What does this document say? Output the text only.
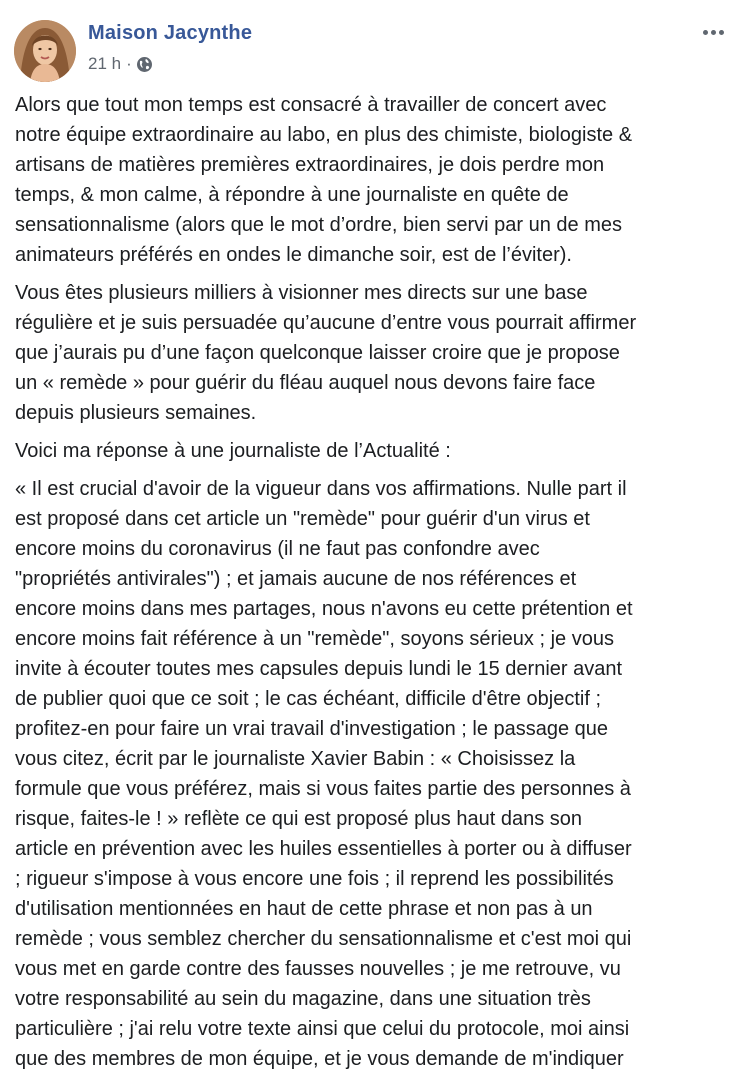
Maison Jacynthe
21 h ·

Alors que tout mon temps est consacré à travailler de concert avec
notre équipe extraordinaire au labo, en plus des chimiste, biologiste &
artisans de matières premières extraordinaires, je dois perdre mon
temps, & mon calme, à répondre à une journaliste en quête de
sensationnalisme (alors que le mot d’ordre, bien servi par un de mes
animateurs préférés en ondes le dimanche soir, est de l’éviter).

Vous êtes plusieurs milliers à visionner mes directs sur une base
régulière et je suis persuadée qu’aucune d’entre vous pourrait affirmer
que j’aurais pu d’une façon quelconque laisser croire que je propose
un « remède » pour guérir du fléau auquel nous devons faire face
depuis plusieurs semaines.

Voici ma réponse à une journaliste de l’Actualité :

« Il est crucial d'avoir de la vigueur dans vos affirmations. Nulle part il
est proposé dans cet article un "remède" pour guérir d'un virus et
encore moins du coronavirus (il ne faut pas confondre avec
"propriétés antivirales") ; et jamais aucune de nos références et
encore moins dans mes partages, nous n'avons eu cette prétention et
encore moins fait référence à un "remède", soyons sérieux ; je vous
invite à écouter toutes mes capsules depuis lundi le 15 dernier avant
de publier quoi que ce soit ; le cas échéant, difficile d'être objectif ;
profitez-en pour faire un vrai travail d'investigation ; le passage que
vous citez, écrit par le journaliste Xavier Babin : « Choisissez la
formule que vous préférez, mais si vous faites partie des personnes à
risque, faites-le ! » reflète ce qui est proposé plus haut dans son
article en prévention avec les huiles essentielles à porter ou à diffuser
; rigueur s'impose à vous encore une fois ; il reprend les possibilités
d'utilisation mentionnées en haut de cette phrase et non pas à un
remède ; vous semblez chercher du sensationnalisme et c'est moi qui
vous met en garde contre des fausses nouvelles ; je me retrouve, vu
votre responsabilité au sein du magazine, dans une situation très
particulière ; j'ai relu votre texte ainsi que celui du protocole, moi ainsi
que des membres de mon équipe, et je vous demande de m'indiquer
